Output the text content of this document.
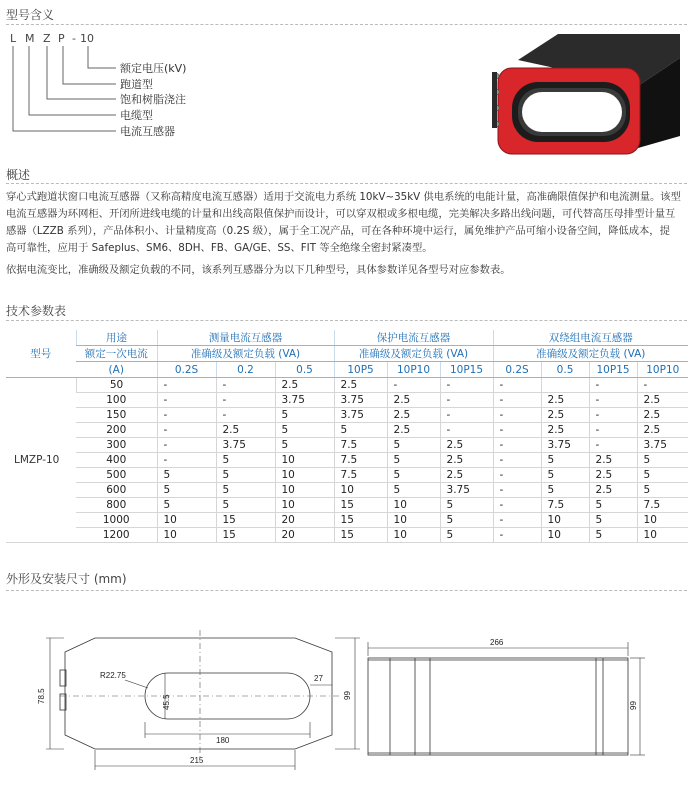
型号含义
L M Z P - 10
额定电压(kV)
跑道型
饱和树脂浇注
电缆型
电流互感器
概述
穿心式跑道状窗口电流互感器（又称高精度电流互感器）适用于交流电力系统 10kV~35kV 供电系统的电能计量，高准确限值保护和电流测量。该型
电流互感器为环网柜、开闭所进线电缆的计量和出线高限值保护而设计，可以穿双根或多根电缆，完美解决多路出线问题，可代替高压母排型计量互
感器（LZZB 系列），产品体积小、计量精度高（0.2S 级），属于全工况产品，可在各种环境中运行，属免维护产品可缩小设备空间，降低成本，提
高可靠性，应用于 Safeplus、SM6、8DH、FB、GA/GE、SS、FIT 等全绝缘全密封紧凑型。
依据电流变比，准确级及额定负载的不同，该系列互感器分为以下几种型号，具体参数详见各型号对应参数表。
技术参数表
型号	用途	测量电流互感器			保护电流互感器			双绕组电流互感器			
	额定一次电流	准确级及额定负载 (VA)			准确级及额定负载 (VA)			准确级及额定负载 (VA)			
	(A)	0.2S	0.2	0.5	10P5	10P10	10P15	0.2S	0.5	10P15	10P10
LMZP-10	50	-	-	2.5	2.5	-	-	-		-	-
	100	-	-	3.75	3.75	2.5	-	-	2.5	-	2.5
	150	-	-	5	3.75	2.5	-	-	2.5	-	2.5
	200	-	2.5	5	5	2.5	-	-	2.5	-	2.5
	300	-	3.75	5	7.5	5	2.5	-	3.75	-	3.75
	400	-	5	10	7.5	5	2.5	-	5	2.5	5
	500	5	5	10	7.5	5	2.5	-	5	2.5	5
	600	5	5	10	10	5	3.75	-	5	2.5	5
	800	5	5	10	15	10	5	-	7.5	5	7.5
	1000	10	15	20	15	10	5	-	10	5	10
	1200	10	15	20	15	10	5	-	10	5	10
外形及安装尺寸 (mm)
R22.75	27
78.5	45.5	99
180
215
266
99
